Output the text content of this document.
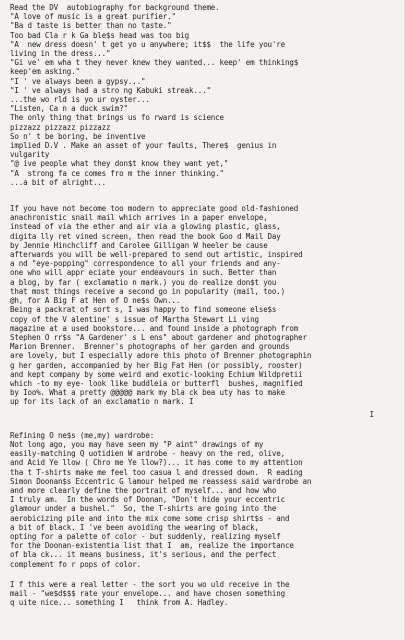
Read the DV  autobiography for background theme.
"A love of music is a great purifier."
"Ba d taste is better than no taste."
Too bad Cla r k Ga ble$s head was too big
"A  new dress doesn' t get yo u anywhere; it$$  the life you're
living in the dress..."
"Gi ve' em wha t they never knew they wanted... keep' em thinking$
keep'em asking."
"I ' ve always been a gypsy..."
"I ' ve always had a stro ng Kabuki streak..."
...the wo rld is yo ur oyster...
"Listen, Ca n a duck swim?"
The only thing that brings us fo rward is science
pizzazz pizzazz pizzazz
So n' t be boring, be inventive
implied D.V . Make an asset of your faults, There$  genius in
vulgarity
"@ ive people what they don$t know they want yet,"
"A  strong fa ce comes fro m the inner thinking."
...a bit of alright...
If you have not become too modern to appreciate good old-fashioned
anachronistic snail mail which arrives in a paper envelope,
instead of via the ether and air via a glowing plastic, glass,
digita lly ret vined screen, then read the book Goo d Mail Day
by Jennie Hinchcliff and Carolee Gilligan W heeler be cause
afterwards you will be well-prepared to send out artistic, inspired
a nd "eye-popping" correspondence to all your friends and any-
one who will appr eciate your endeavours in such. Better than
a blog, by far ( exclamatio n mark.) you do realize don$t you
that most things receive a second go in popularity (mail, too.)
@h, for A Big F at Hen of O ne$s Own...
Being a packrat of sort s, I was happy to find someone else$s
copy of the V alentine' s issue of Martha Stewart Li ving
magazine at a used bookstore... and found inside a photograph from
Stephen O rr$s "A Gardener' s L ens" about gardener and photographer
Marion Brenner.  Brenner's photographs of her garden and grounds
are lovely, but I especially adore this photo of Brenner photographin
g her garden, accompanied by her Big Fat Hen (or possibly, rooster)
and kept company by some weird and exotic-looking Echium Wildpretii
which -to my eye- look like buddleia or butterfl  bushes, magnified
by Ioo%. What a pretty @@@@@ mark my bla ck bea uty has to make
up for its lack of an exclamatio n mark. I
I
Refining O ne$s (me,my) wardrobe:
Not long ago, you may have seen my "P aint" drawings of my
easily-matching Q uotidien W ardrobe - heavy on the red, olive,
and Acid Ye llow ( Chro me Ye llow?)... it has come to my attention
tha t T-shirts make me feel too casua l and dressed down.  R eading
Simon Doonan$s Eccentric G lamour helped me reassess said wardrobe an
and more clearly define the portrait of myself... and how who
I truly am.  In the words of Doonan, "Don't hide your eccentric
glamour under a bushel."  So, the T-shirts are going into the
aerobicizing pile and into the mix come some crisp shirt$s - and
a bit of black. I 've been avoiding the wearing of black,
opting for a palette of color - but suddenly, realizing myself
for the Doonan-existentia list that I  am, realize the importance
of bla ck... it means business, it's serious, and the perfect
complement fo r pops of color.
I f this were a real letter - the sort you wo uld receive in the
mail - "we$d$$$ rate your envelope... and have chosen something
q uite nice... something I   think from A. Hadley.
